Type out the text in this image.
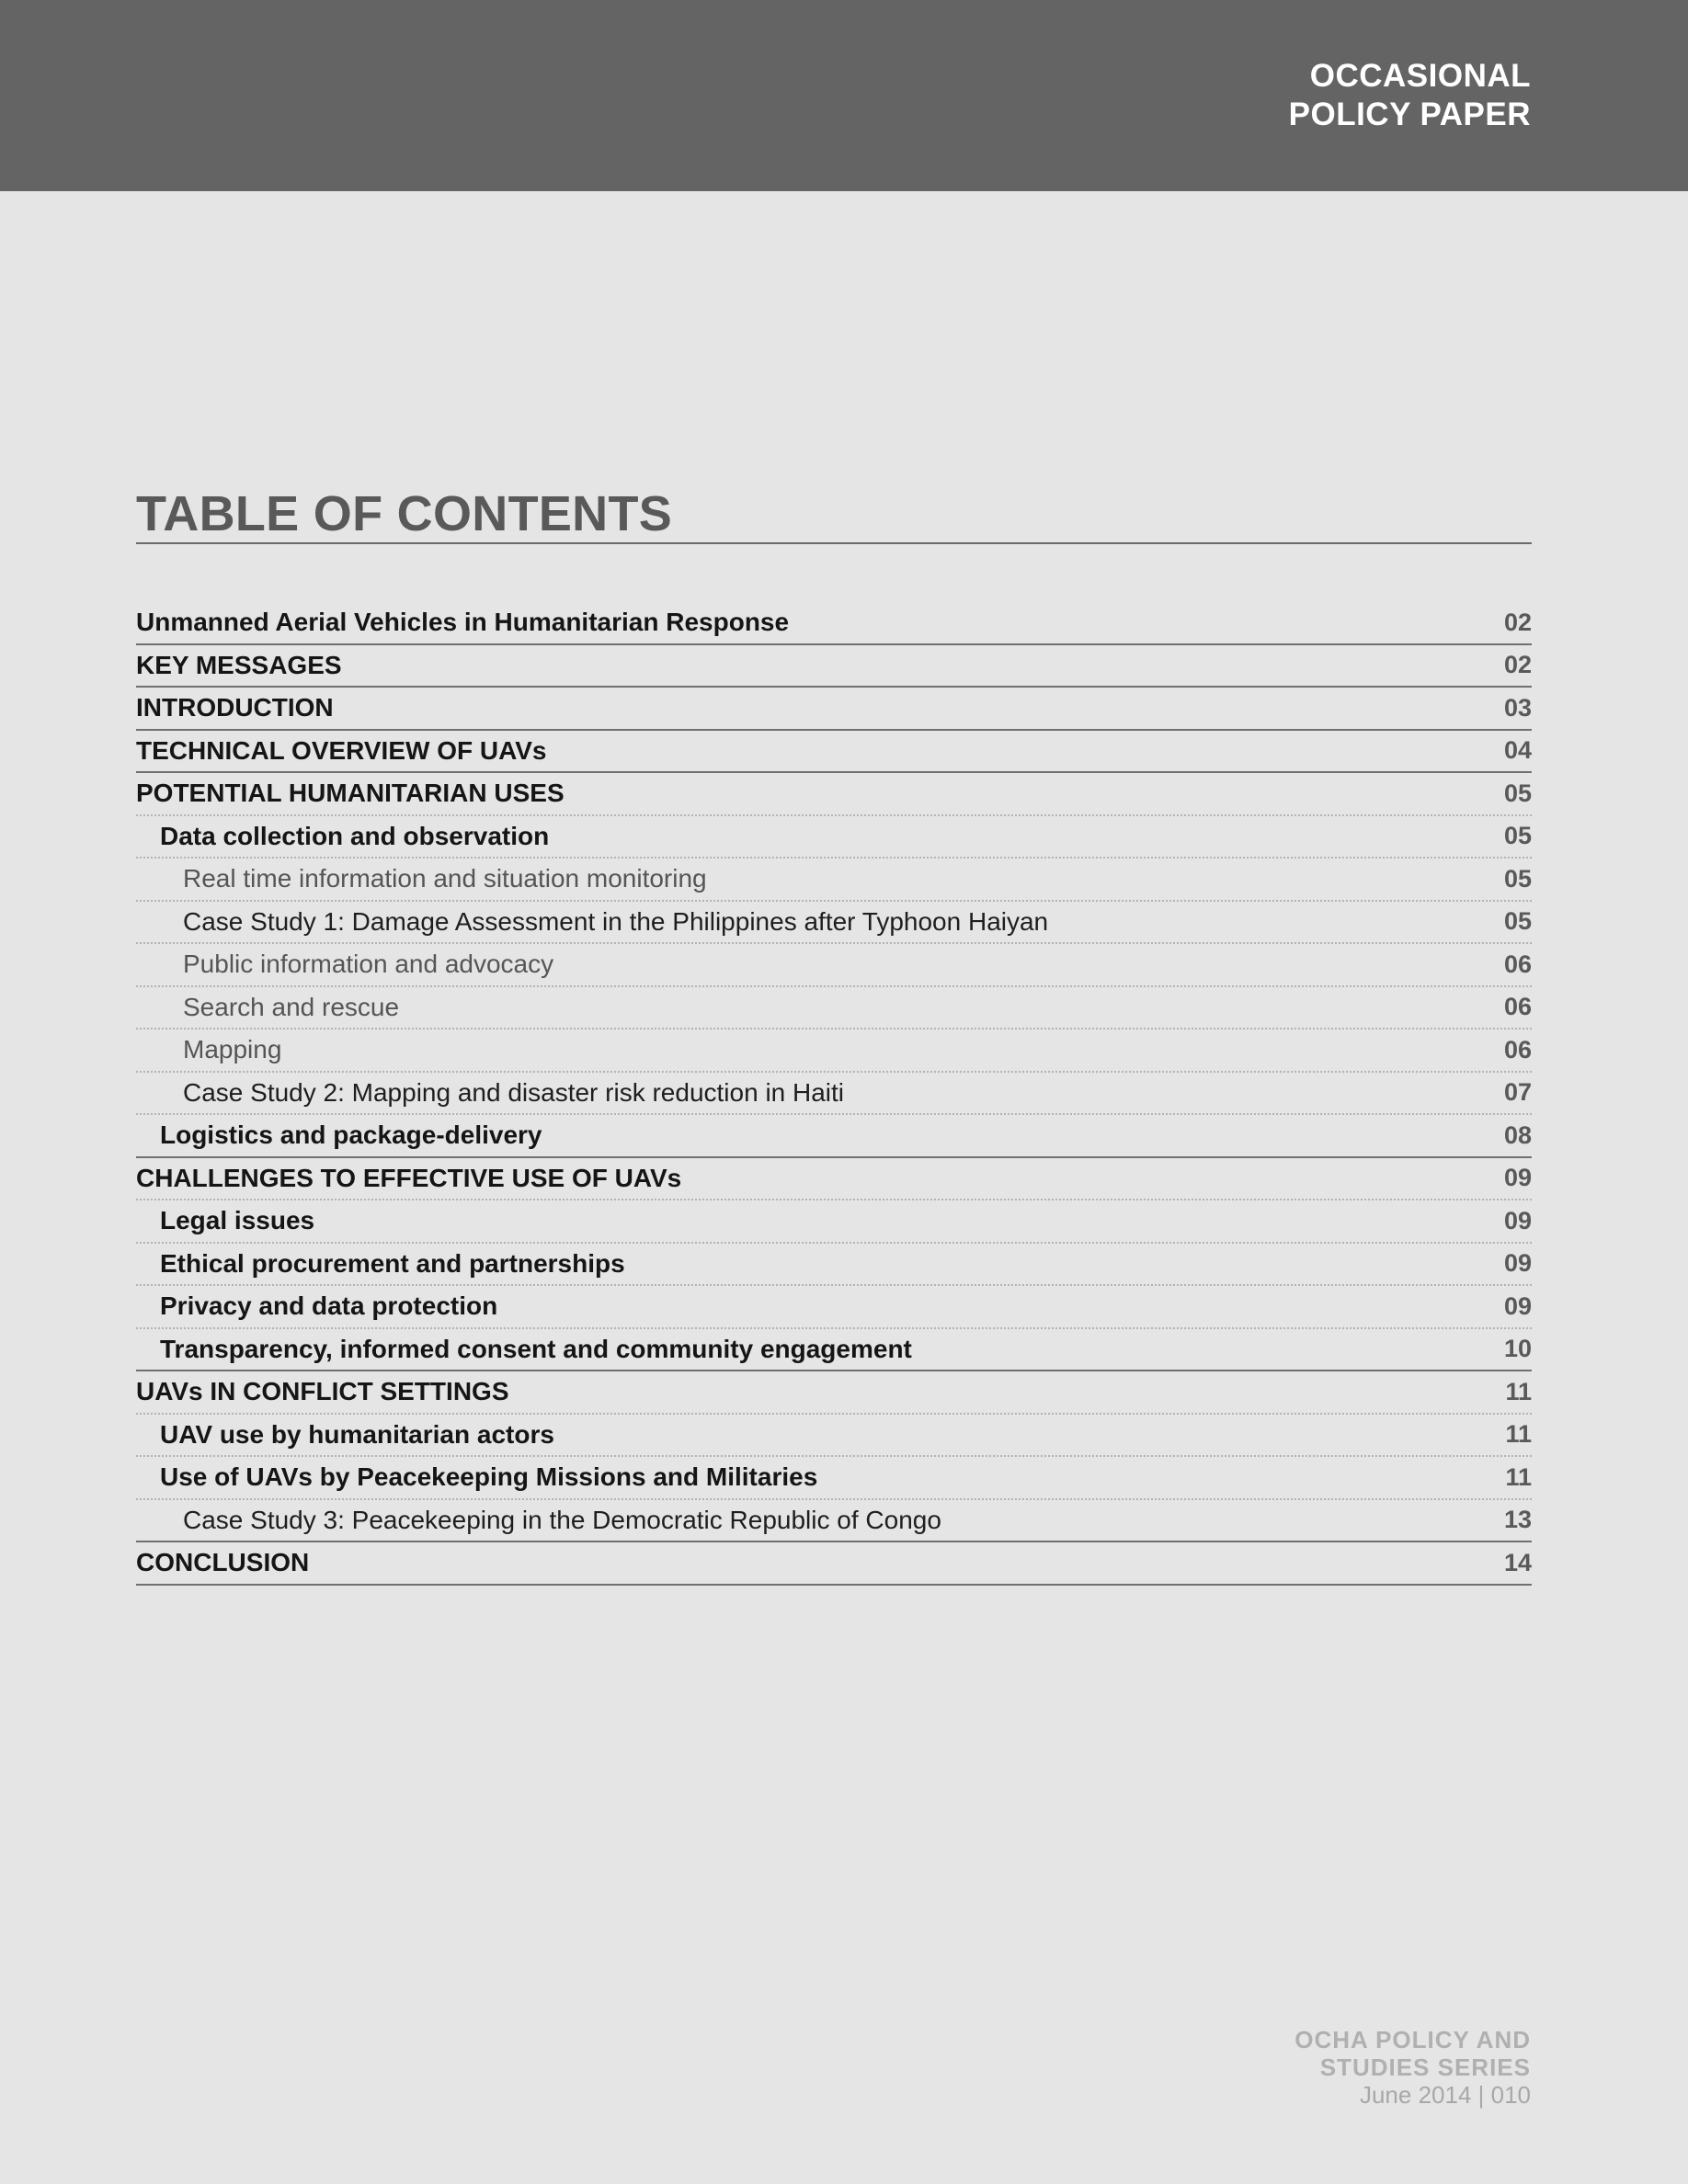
OCCASIONAL
POLICY PAPER
TABLE OF CONTENTS
Unmanned Aerial Vehicles in Humanitarian Response	02
KEY MESSAGES	02
INTRODUCTION	03
TECHNICAL OVERVIEW OF UAVs	04
POTENTIAL HUMANITARIAN USES	05
Data collection and observation	05
Real time information and situation monitoring	05
Case Study 1: Damage Assessment in the Philippines after Typhoon Haiyan	05
Public information and advocacy	06
Search and rescue	06
Mapping	06
Case Study 2: Mapping and disaster risk reduction in Haiti	07
Logistics and package-delivery	08
CHALLENGES TO EFFECTIVE USE OF UAVs	09
Legal issues	09
Ethical procurement and partnerships	09
Privacy and data protection	09
Transparency, informed consent and community engagement	10
UAVs IN CONFLICT SETTINGS	11
UAV use by humanitarian actors	11
Use of UAVs by Peacekeeping Missions and Militaries	11
Case Study 3: Peacekeeping in the Democratic Republic of Congo	13
CONCLUSION	14
OCHA POLICY AND
STUDIES SERIES
June 2014 | 010
